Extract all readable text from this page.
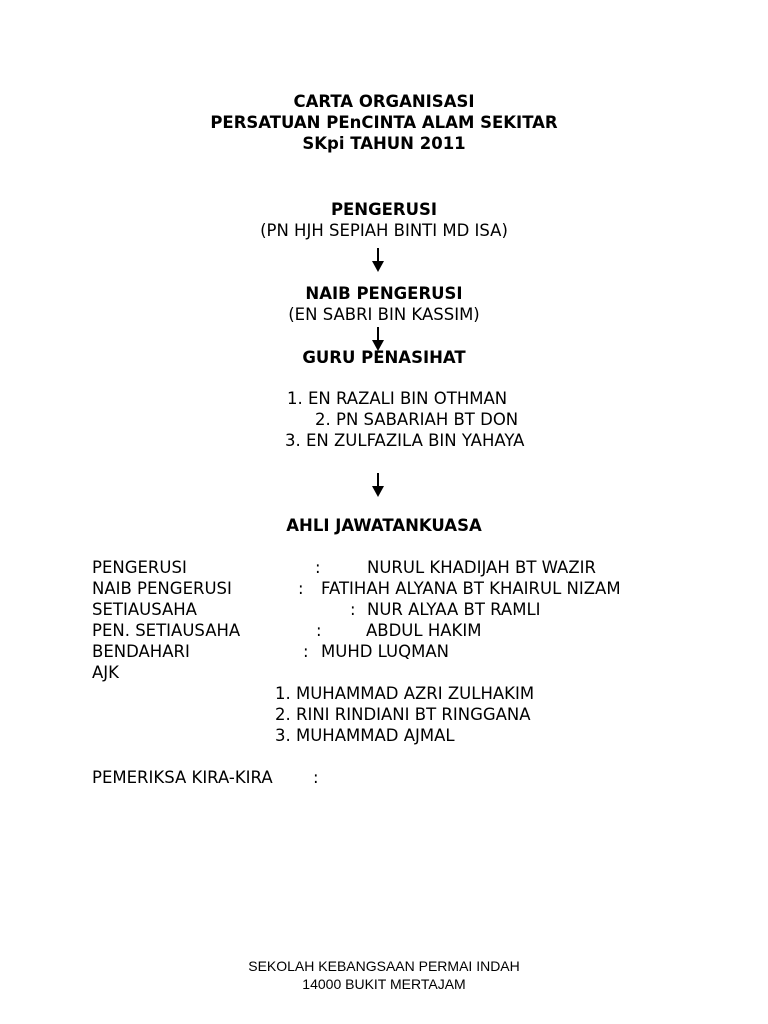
CARTA ORGANISASI
PERSATUAN PEnCINTA ALAM SEKITAR
SKpi TAHUN 2011
PENGERUSI
(PN HJH SEPIAH BINTI MD ISA)
NAIB PENGERUSI
(EN SABRI BIN KASSIM)
GURU PENASIHAT
1. EN RAZALI BIN OTHMAN
2. PN SABARIAH BT DON
3. EN ZULFAZILA BIN YAHAYA
AHLI JAWATANKUASA
PENGERUSI	:	NURUL KHADIJAH BT WAZIR
NAIB PENGERUSI	: FATIHAH ALYANA BT KHAIRUL NIZAM
SETIAUSAHA	: NUR ALYAA BT RAMLI
PEN. SETIAUSAHA	:	ABDUL HAKIM
BENDAHARI	: MUHD LUQMAN
AJK
1. MUHAMMAD AZRI ZULHAKIM
2. RINI RINDIANI BT RINGGANA
3. MUHAMMAD AJMAL
PEMERIKSA KIRA-KIRA :
SEKOLAH KEBANGSAAN PERMAI INDAH
14000 BUKIT MERTAJAM
